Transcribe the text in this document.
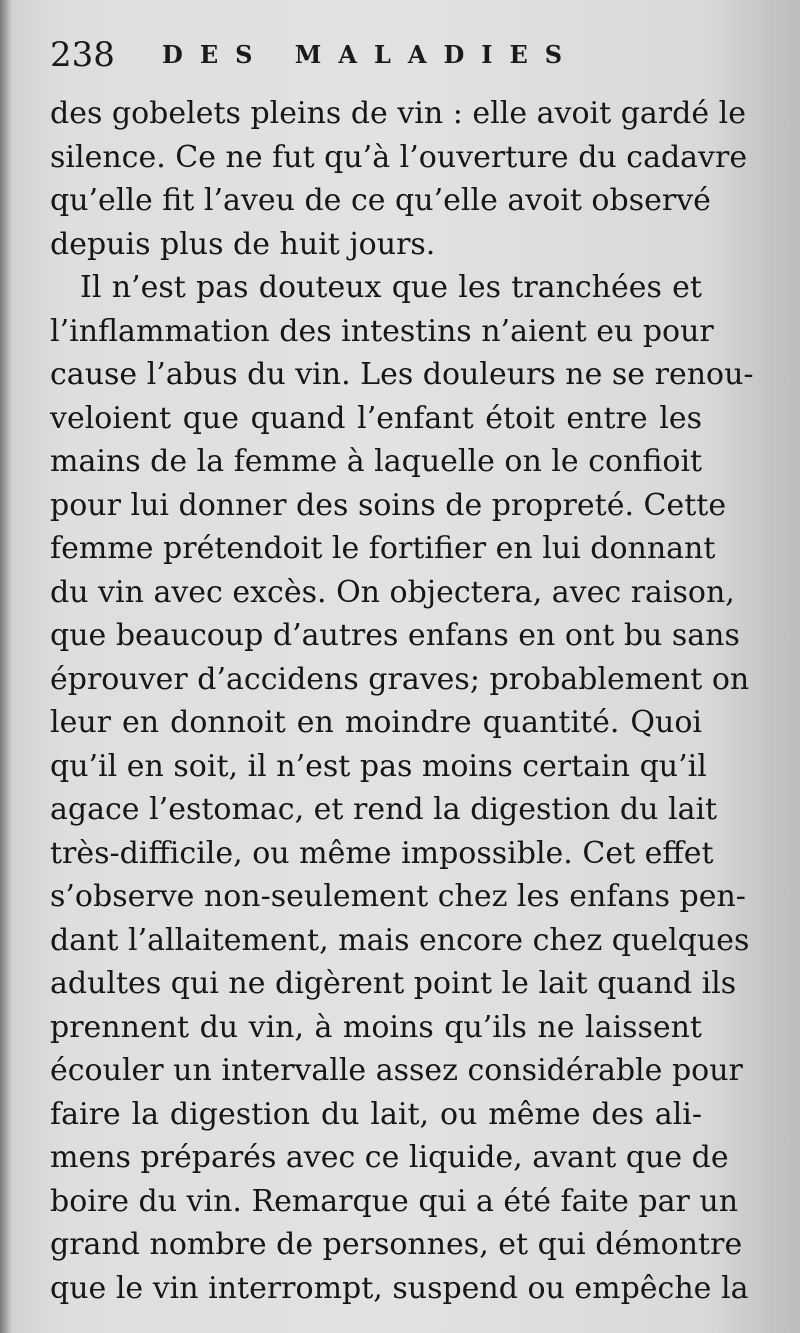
238 DES MALADIES
des gobelets pleins de vin : elle avoit gardé le
silence. Ce ne fut qu’à l’ouverture du cadavre
qu’elle fit l’aveu de ce qu’elle avoit observé
depuis plus de huit jours.
Il n’est pas douteux que les tranchées et
l’inflammation des intestins n’aient eu pour
cause l’abus du vin. Les douleurs ne se renou-
veloient que quand l’enfant étoit entre les
mains de la femme à laquelle on le confioit
pour lui donner des soins de propreté. Cette
femme prétendoit le fortifier en lui donnant
du vin avec excès. On objectera, avec raison,
que beaucoup d’autres enfans en ont bu sans
éprouver d’accidens graves; probablement on
leur en donnoit en moindre quantité. Quoi
qu’il en soit, il n’est pas moins certain qu’il
agace l’estomac, et rend la digestion du lait
très-difficile, ou même impossible. Cet effet
s’observe non-seulement chez les enfans pen-
dant l’allaitement, mais encore chez quelques
adultes qui ne digèrent point le lait quand ils
prennent du vin, à moins qu’ils ne laissent
écouler un intervalle assez considérable pour
faire la digestion du lait, ou même des ali-
mens préparés avec ce liquide, avant que de
boire du vin. Remarque qui a été faite par un
grand nombre de personnes, et qui démontre
que le vin interrompt, suspend ou empêche la
